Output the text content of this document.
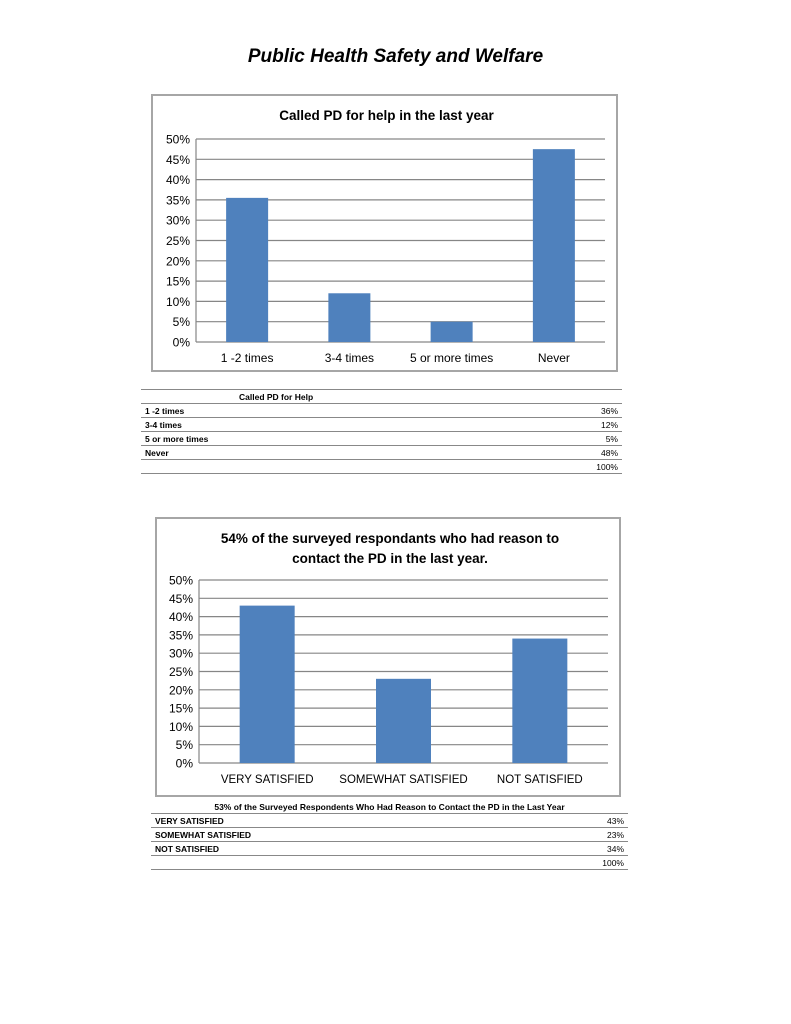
Public Health Safety and Welfare
Called PD for help in the last year
0%
5%
10%
15%
20%
25%
30%
35%
40%
45%
50%
1 -2 times	3-4 times	5 or more times	Never
Called PD for Help	
1 -2 times	36%
3-4 times	12%
5 or more times	5%
Never	48%
	100%
54% of the surveyed respondants who had reason to
contact the PD in the last year.
0%
5%
10%
15%
20%
25%
30%
35%
40%
45%
50%
VERY SATISFIED SOMEWHAT SATISFIED	NOT SATISFIED
53% of the Surveyed Respondents Who Had Reason to Contact the PD in the Last Year	
VERY SATISFIED	43%
SOMEWHAT SATISFIED	23%
NOT SATISFIED	34%
	100%
